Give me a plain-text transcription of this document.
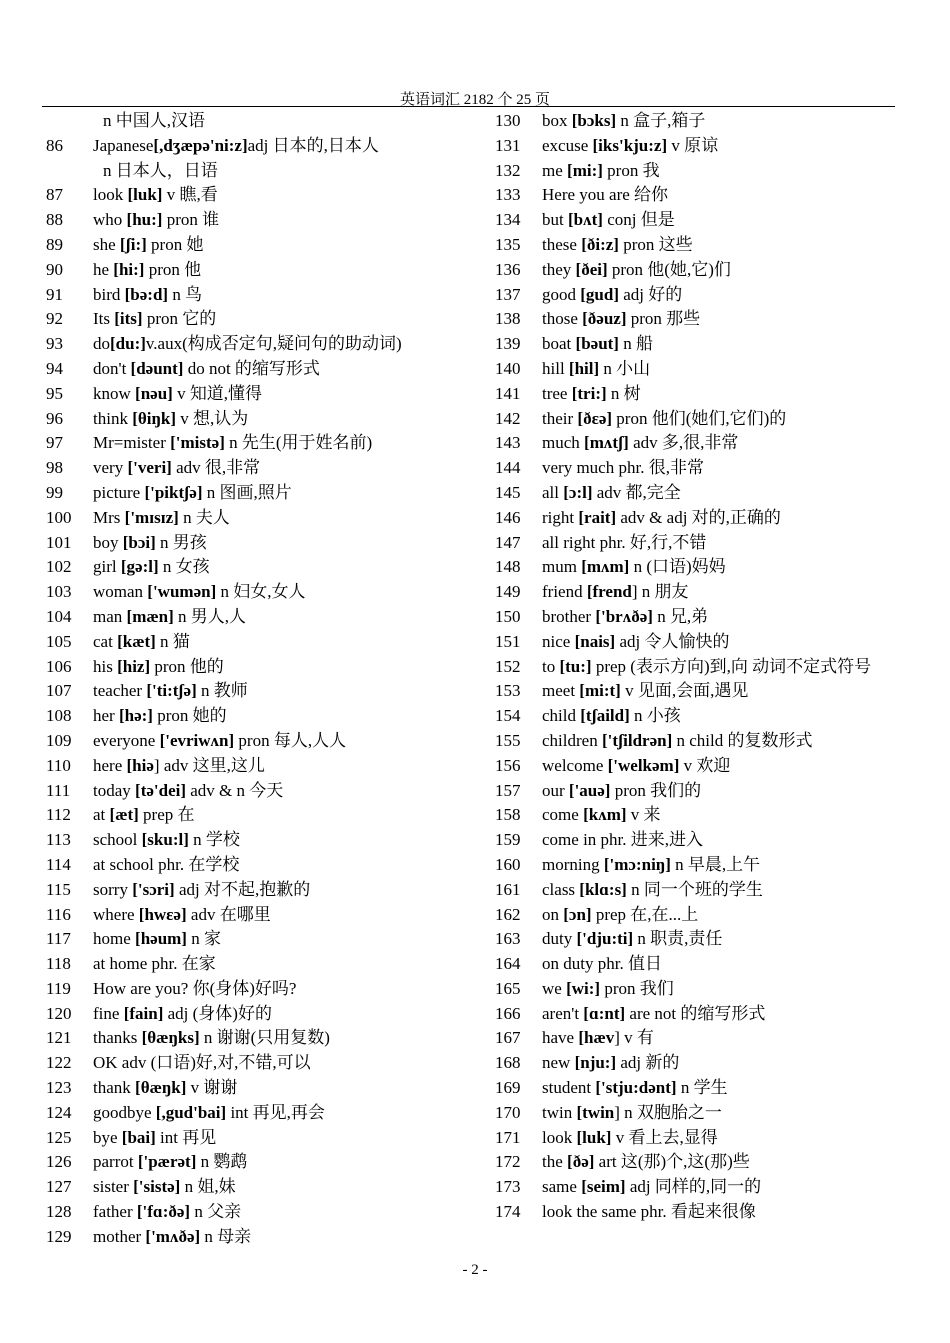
英语词汇 2182 个 25 页
n 中国人,汉语
86	Japanese[,dʒæpə'ni:z]adj 日本的,日本人
n 日本人，日语
87	look [luk] v 瞧,看
88	who [hu:] pron 谁
89	she [ʃi:] pron 她
90	he [hi:] pron 他
91	bird [bə:d] n 鸟
92	Its [its] pron 它的
93	do[du:]v.aux(构成否定句,疑问句的助动词)
94	don't [dəunt] do not 的缩写形式
95	know [nəu] v 知道,懂得
96	think [θiŋk] v 想,认为
97	Mr=mister ['mistə] n 先生(用于姓名前)
98	very ['veri] adv 很,非常
99	picture ['piktʃə] n 图画,照片
100	Mrs ['mɪsɪz] n 夫人
101	boy [bɔi] n 男孩
102	girl [gə:l] n 女孩
103	woman ['wumən] n 妇女,女人
104	man [mæn] n 男人,人
105	cat [kæt] n 猫
106	his [hiz] pron 他的
107	teacher ['ti:tʃə] n 教师
108	her [hə:] pron 她的
109	everyone ['evriwʌn] pron 每人,人人
110	here [hiə] adv 这里,这儿
111	today [tə'dei] adv & n 今天
112	at [æt] prep 在
113	school [sku:l] n 学校
114	at school phr. 在学校
115	sorry ['sɔri] adj 对不起,抱歉的
116	where [hwεə] adv 在哪里
117	home [həum] n 家
118	at home phr. 在家
119	How are you? 你(身体)好吗?
120	fine [fain] adj (身体)好的
121	thanks [θæŋks] n 谢谢(只用复数)
122	OK adv (口语)好,对,不错,可以
123	thank [θæŋk] v 谢谢
124	goodbye [,gud'bai] int 再见,再会
125	bye [bai] int 再见
126	parrot ['pærət] n 鹦鹉
127	sister ['sistə] n 姐,妹
128	father ['fɑ:ðə] n 父亲
129	mother ['mʌðə] n 母亲
130	box [bɔks] n 盒子,箱子
131	excuse [iks'kju:z] v 原谅
132	me [mi:] pron 我
133	Here you are 给你
134	but [bʌt] conj 但是
135	these [ði:z] pron 这些
136	they [ðei] pron 他(她,它)们
137	good [gud] adj 好的
138	those [ðəuz] pron 那些
139	boat [bəut] n 船
140	hill [hil] n 小山
141	tree [tri:] n 树
142	their [ðεə] pron 他们(她们,它们)的
143	much [mʌtʃ] adv 多,很,非常
144	very much phr. 很,非常
145	all [ɔ:l] adv 都,完全
146	right [rait] adv & adj 对的,正确的
147	all right phr. 好,行,不错
148	mum [mʌm] n (口语)妈妈
149	friend [frend] n 朋友
150	brother ['brʌðə] n 兄,弟
151	nice [nais] adj 令人愉快的
152	to [tu:] prep (表示方向)到,向 动词不定式符号
153	meet [mi:t] v 见面,会面,遇见
154	child [tʃaild] n 小孩
155	children ['tʃildrən] n child 的复数形式
156	welcome ['welkəm] v 欢迎
157	our ['auə] pron 我们的
158	come [kʌm] v 来
159	come in phr. 进来,进入
160	morning ['mɔ:niŋ] n 早晨,上午
161	class [klɑ:s] n 同一个班的学生
162	on [ɔn] prep 在,在...上
163	duty ['dju:ti] n 职责,责任
164	on duty phr. 值日
165	we [wi:] pron 我们
166	aren't [ɑ:nt] are not 的缩写形式
167	have [hæv] v 有
168	new [nju:] adj 新的
169	student ['stju:dənt] n 学生
170	twin [twin] n 双胞胎之一
171	look [luk] v 看上去,显得
172	the [ðə] art 这(那)个,这(那)些
173	same [seim] adj 同样的,同一的
174	look the same phr. 看起来很像
- 2 -
